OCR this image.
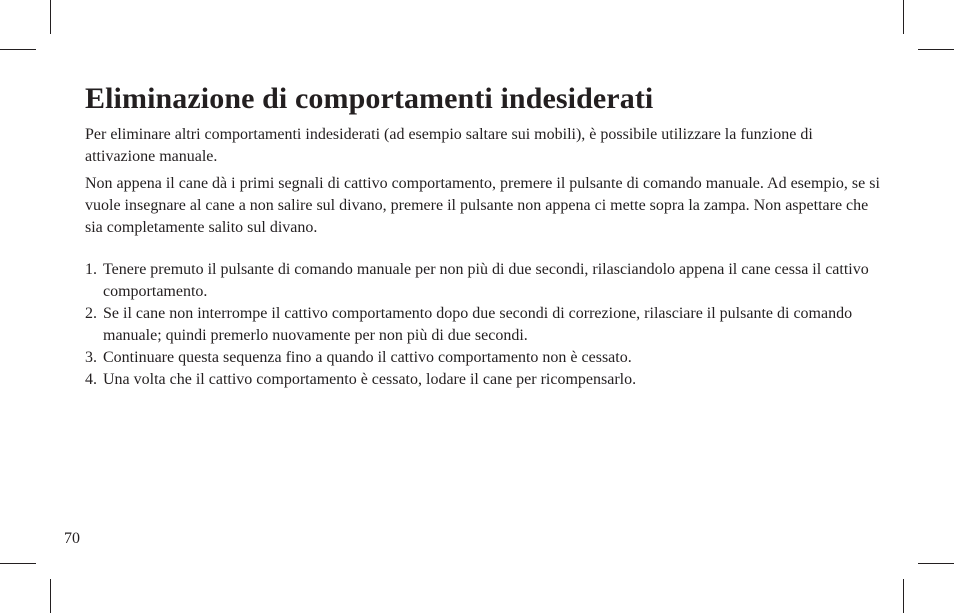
Eliminazione di comportamenti indesiderati

Per eliminare altri comportamenti indesiderati (ad esempio saltare sui mobili), è possibile utilizzare la funzione di attivazione manuale.

Non appena il cane dà i primi segnali di cattivo comportamento, premere il pulsante di comando manuale. Ad esempio, se si vuole insegnare al cane a non salire sul divano, premere il pulsante non appena ci mette sopra la zampa. Non aspettare che sia completamente salito sul divano.

1. Tenere premuto il pulsante di comando manuale per non più di due secondi, rilasciandolo appena il cane cessa il cattivo comportamento.
2. Se il cane non interrompe il cattivo comportamento dopo due secondi di correzione, rilasciare il pulsante di comando manuale; quindi premerlo nuovamente per non più di due secondi.
3. Continuare questa sequenza fino a quando il cattivo comportamento non è cessato.
4. Una volta che il cattivo comportamento è cessato, lodare il cane per ricompensarlo.
70
